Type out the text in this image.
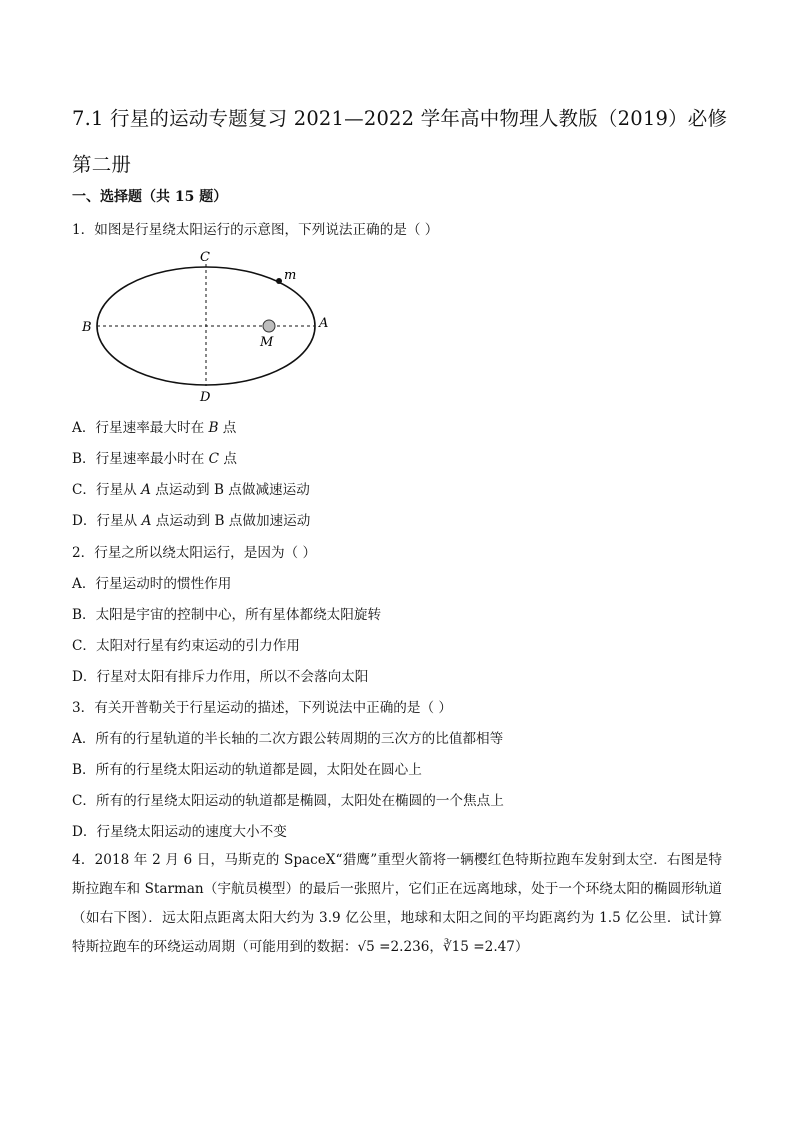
7.1 行星的运动专题复习 2021—2022 学年高中物理人教版（2019）必修第二册
一、选择题（共 15 题）
1．如图是行星绕太阳运行的示意图，下列说法正确的是（ ）
C
m
B	A
M
D
A．行星速率最大时在 B 点
B．行星速率最小时在 C 点
C．行星从 A 点运动到 B 点做减速运动
D．行星从 A 点运动到 B 点做加速运动
2．行星之所以绕太阳运行，是因为（ ）
A．行星运动时的惯性作用
B．太阳是宇宙的控制中心，所有星体都绕太阳旋转
C．太阳对行星有约束运动的引力作用
D．行星对太阳有排斥力作用，所以不会落向太阳
3．有关开普勒关于行星运动的描述，下列说法中正确的是（ ）
A．所有的行星轨道的半长轴的二次方跟公转周期的三次方的比值都相等
B．所有的行星绕太阳运动的轨道都是圆，太阳处在圆心上
C．所有的行星绕太阳运动的轨道都是椭圆，太阳处在椭圆的一个焦点上
D．行星绕太阳运动的速度大小不变
4．2018 年 2 月 6 日，马斯克的 SpaceX“猎鹰”重型火箭将一辆樱红色特斯拉跑车发射到太空．右图是特斯拉跑车和 Starman（宇航员模型）的最后一张照片，它们正在远离地球，处于一个环绕太阳的椭圆形轨道（如右下图）．远太阳点距离太阳大约为 3.9 亿公里，地球和太阳之间的平均距离约为 1.5 亿公里．试计算特斯拉跑车的环绕运动周期（可能用到的数据：√5 =2.236，∛15 =2.47）
